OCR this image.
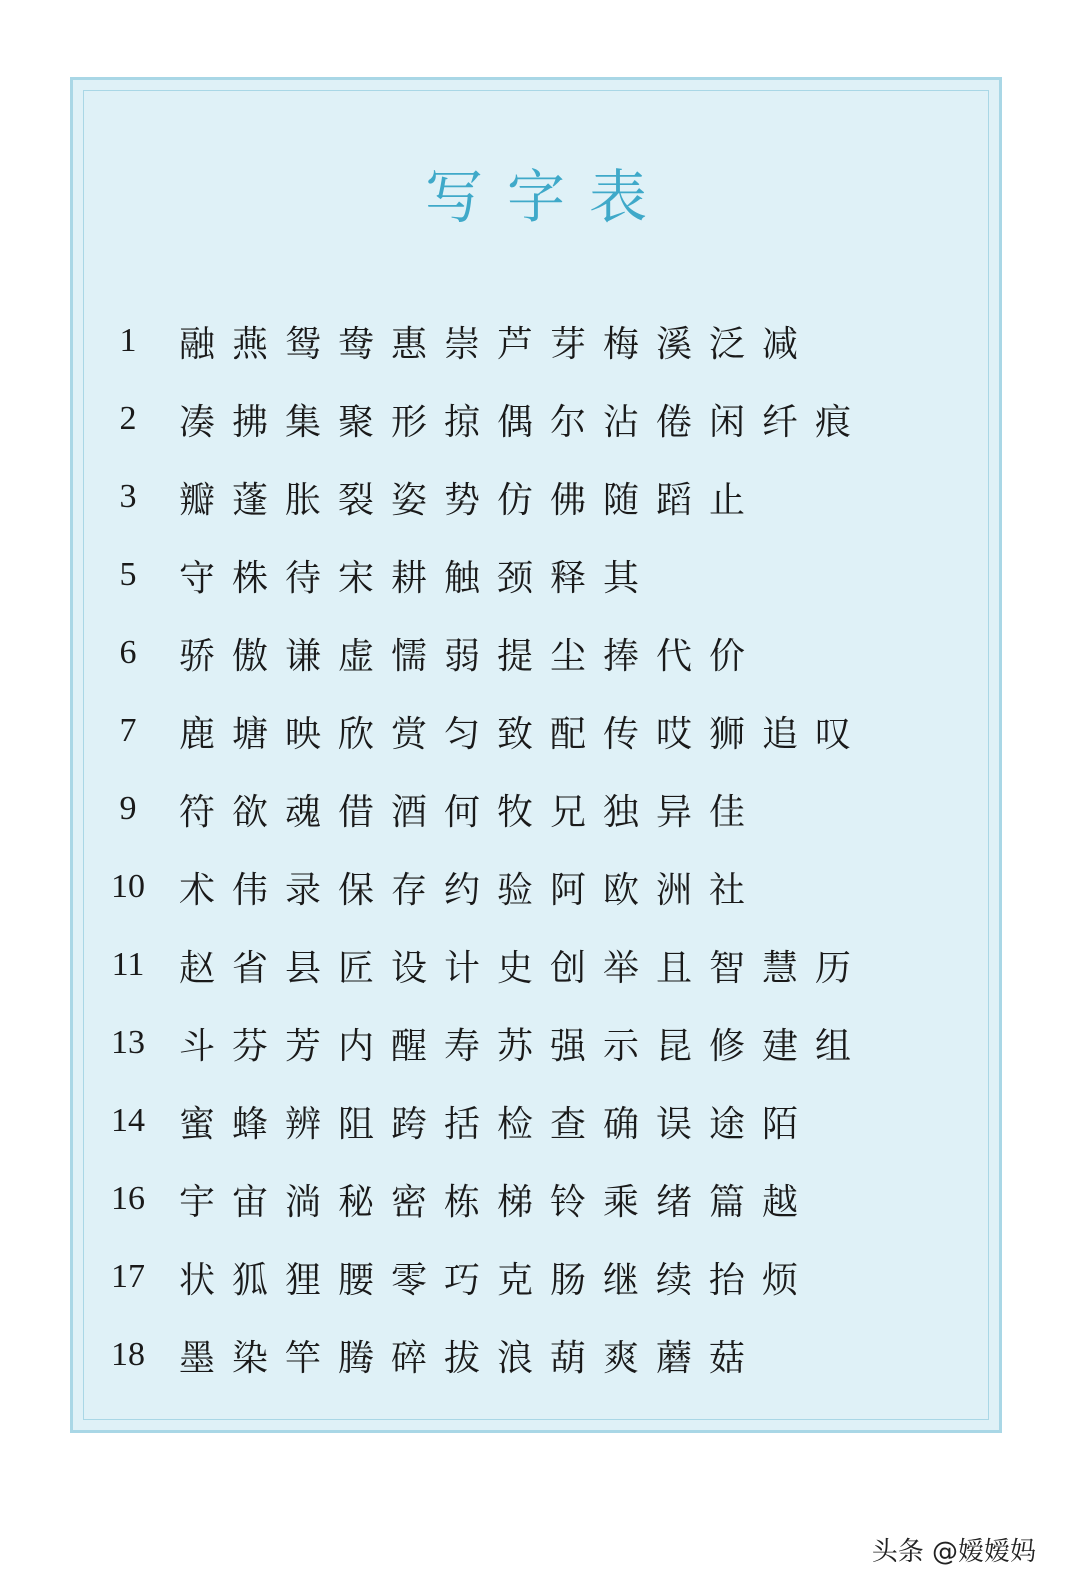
写字表
1	融燕鸳鸯惠崇芦芽梅溪泛减
2	凑拂集聚形掠偶尔沾倦闲纤痕
3	瓣蓬胀裂姿势仿佛随蹈止
5	守株待宋耕触颈释其
6	骄傲谦虚懦弱提尘捧代价
7	鹿塘映欣赏匀致配传哎狮追叹
9	符欲魂借酒何牧兄独异佳
10 术伟录保存约验阿欧洲社
11 赵省县匠设计史创举且智慧历
13 斗芬芳内醒寿苏强示昆修建组
14 蜜蜂辨阻跨括检查确误途陌
16 宇宙淌秘密栋梯铃乘绪篇越
17 状狐狸腰零巧克肠继续抬烦
18 墨染竿腾碎拔浪葫爽蘑菇
头条 @嫒嫒妈
